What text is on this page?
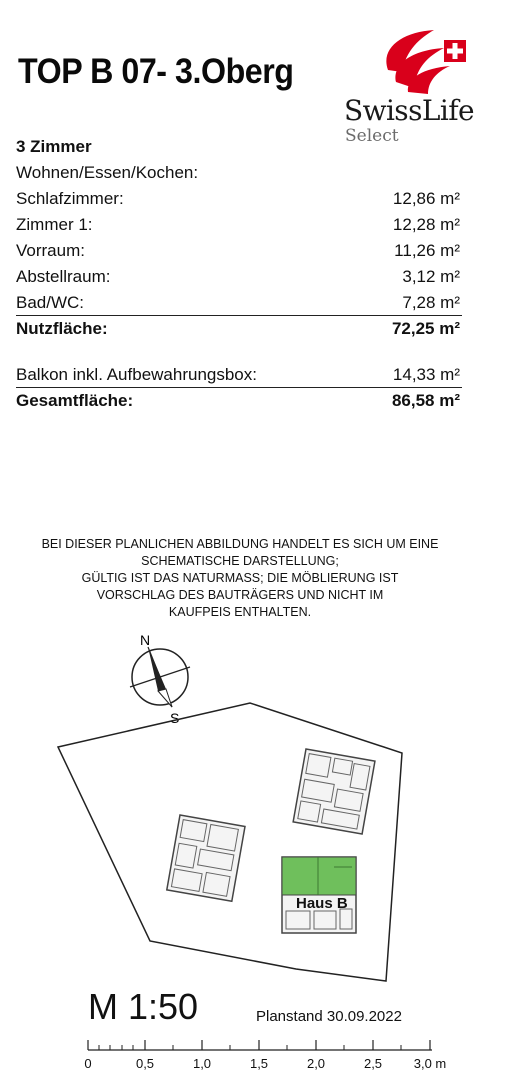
TOP B 07- 3.Oberg
SwissLife
Select
3 Zimmer
Wohnen/Essen/Kochen:
Schlafzimmer:	12,86 m²
Zimmer 1:	12,28 m²
Vorraum:	11,26 m²
Abstellraum:	3,12 m²
Bad/WC:	7,28 m²
Nutzfläche:	72,25 m²
Balkon inkl. Aufbewahrungsbox:	14,33 m²
Gesamtfläche:	86,58 m²
BEI DIESER PLANLICHEN ABBILDUNG HANDELT ES SICH UM EINE
SCHEMATISCHE DARSTELLUNG;
GÜLTIG IST DAS NATURMASS; DIE MÖBLIERUNG IST
VORSCHLAG DES BAUTRÄGERS UND NICHT IM
KAUFPEIS ENTHALTEN.
N
S
Haus B
M 1:50	Planstand 30.09.2022
0	0,5	1,0	1,5	2,0	2,5 3,0 m
